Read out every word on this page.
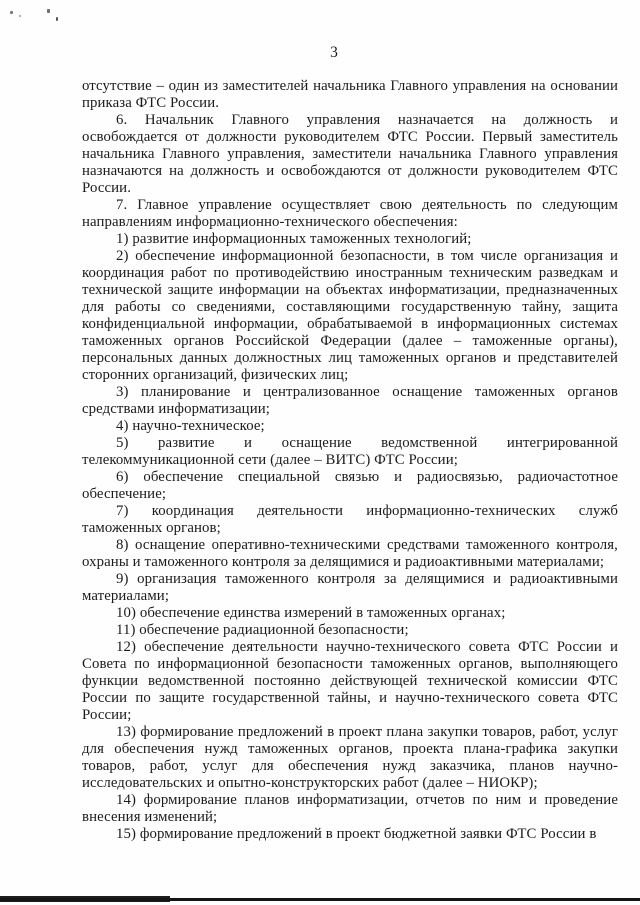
3

отсутствие – один из заместителей начальника Главного управления на основании приказа ФТС России.

6. Начальник Главного управления назначается на должность и освобождается от должности руководителем ФТС России. Первый заместитель начальника Главного управления, заместители начальника Главного управления назначаются на должность и освобождаются от должности руководителем ФТС России.

7. Главное управление осуществляет свою деятельность по следующим направлениям информационно-технического обеспечения:

1) развитие информационных таможенных технологий;

2) обеспечение информационной безопасности, в том числе организация и координация работ по противодействию иностранным техническим разведкам и технической защите информации на объектах информатизации, предназначенных для работы со сведениями, составляющими государственную тайну, защита конфиденциальной информации, обрабатываемой в информационных системах таможенных органов Российской Федерации (далее – таможенные органы), персональных данных должностных лиц таможенных органов и представителей сторонних организаций, физических лиц;

3) планирование и централизованное оснащение таможенных органов средствами информатизации;

4) научно-техническое;

5) развитие и оснащение ведомственной интегрированной телекоммуникационной сети (далее – ВИТС) ФТС России;

6) обеспечение специальной связью и радиосвязью, радиочастотное обеспечение;

7) координация деятельности информационно-технических служб таможенных органов;

8) оснащение оперативно-техническими средствами таможенного контроля, охраны и таможенного контроля за делящимися и радиоактивными материалами;

9) организация таможенного контроля за делящимися и радиоактивными материалами;

10) обеспечение единства измерений в таможенных органах;

11) обеспечение радиационной безопасности;

12) обеспечение деятельности научно-технического совета ФТС России и Совета по информационной безопасности таможенных органов, выполняющего функции ведомственной постоянно действующей технической комиссии ФТС России по защите государственной тайны, и научно-технического совета ФТС России;

13) формирование предложений в проект плана закупки товаров, работ, услуг для обеспечения нужд таможенных органов, проекта плана-графика закупки товаров, работ, услуг для обеспечения нужд заказчика, планов научно-исследовательских и опытно-конструкторских работ (далее – НИОКР);

14) формирование планов информатизации, отчетов по ним и проведение внесения изменений;

15) формирование предложений в проект бюджетной заявки ФТС России в
